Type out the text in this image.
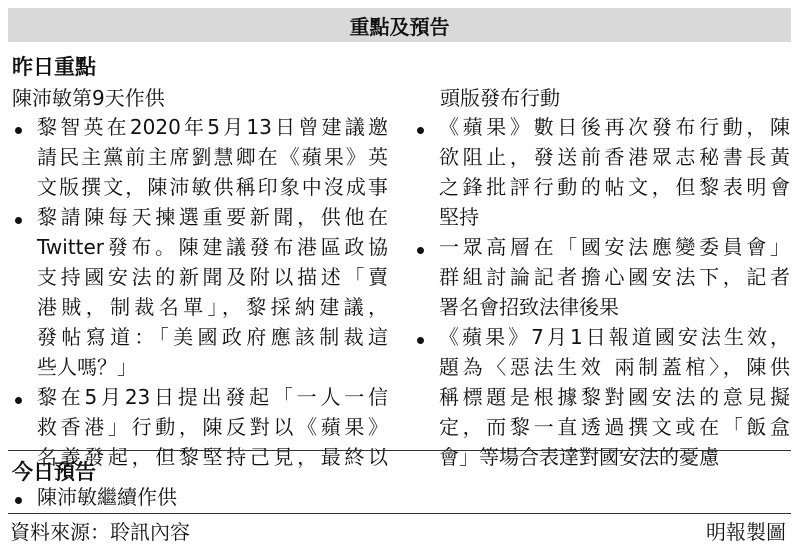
重點及預告
昨日重點
陳沛敏第9天作供
黎智英在2020年5月13日曾建議邀
請民主黨前主席劉慧卿在《蘋果》英
文版撰文，陳沛敏供稱印象中沒成事
黎請陳每天揀選重要新聞，供他在
Twitter發布。陳建議發布港區政協
支持國安法的新聞及附以描述「賣
港賊，制裁名單」，黎採納建議，
發帖寫道：「美國政府應該制裁這
些人嗎？」
黎在5月23日提出發起「一人一信
救香港」行動，陳反對以《蘋果》
名義發起，但黎堅持己見，最終以
頭版發布行動
《蘋果》數日後再次發布行動，陳
欲阻止，發送前香港眾志秘書長黃
之鋒批評行動的帖文，但黎表明會
堅持
一眾高層在「國安法應變委員會」
群組討論記者擔心國安法下，記者
署名會招致法律後果
《蘋果》7月1日報道國安法生效，
題為〈惡法生效 兩制蓋棺〉，陳供
稱標題是根據黎對國安法的意見擬
定，而黎一直透過撰文或在「飯盒
會」等場合表達對國安法的憂慮
今日預告
陳沛敏繼續作供
資料來源：聆訊內容	明報製圖
